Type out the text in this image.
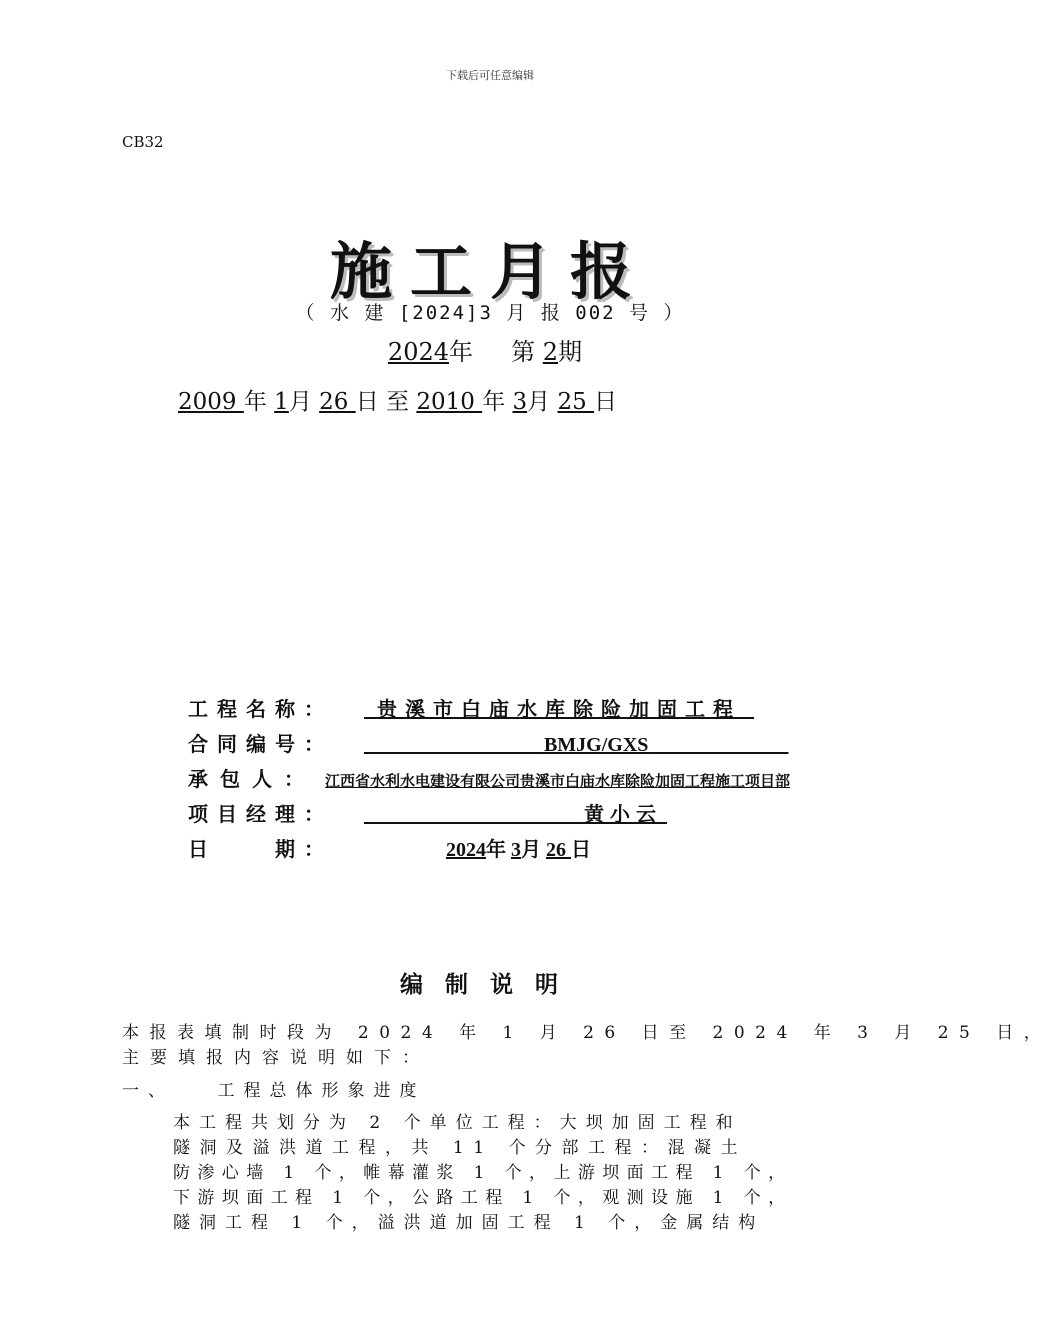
下载后可任意编辑
CB32
施工月报
（ 水 建 [2024]3 月 报 002 号 ）
2024年 第 2期
2009 年 1月 26 日 至 2010 年 3月 25 日
工程名称： 贵溪市白庙水库除险加固工程
合同编号：	BMJG/GXS
承包人： 江西省水利水电建设有限公司贵溪市白庙水库除险加固工程施工项目部
项目经理：	黄小云
日　　期：	2024年 3月 26 日
编制说明
本报表填制时段为 2024 年 1 月 26 日至 2024 年 3 月 25 日，
主要填报内容说明如下：
一、　　工程总体形象进度
本工程共划分为 2 个单位工程：大坝加固工程和
隧洞及溢洪道工程，共 11 个分部工程：混凝土
防渗心墙 1 个，帷幕灌浆 1 个，上游坝面工程 1 个，
下游坝面工程 1 个，公路工程 1 个，观测设施 1 个，
隧洞工程 1 个，溢洪道加固工程 1 个，金属结构
